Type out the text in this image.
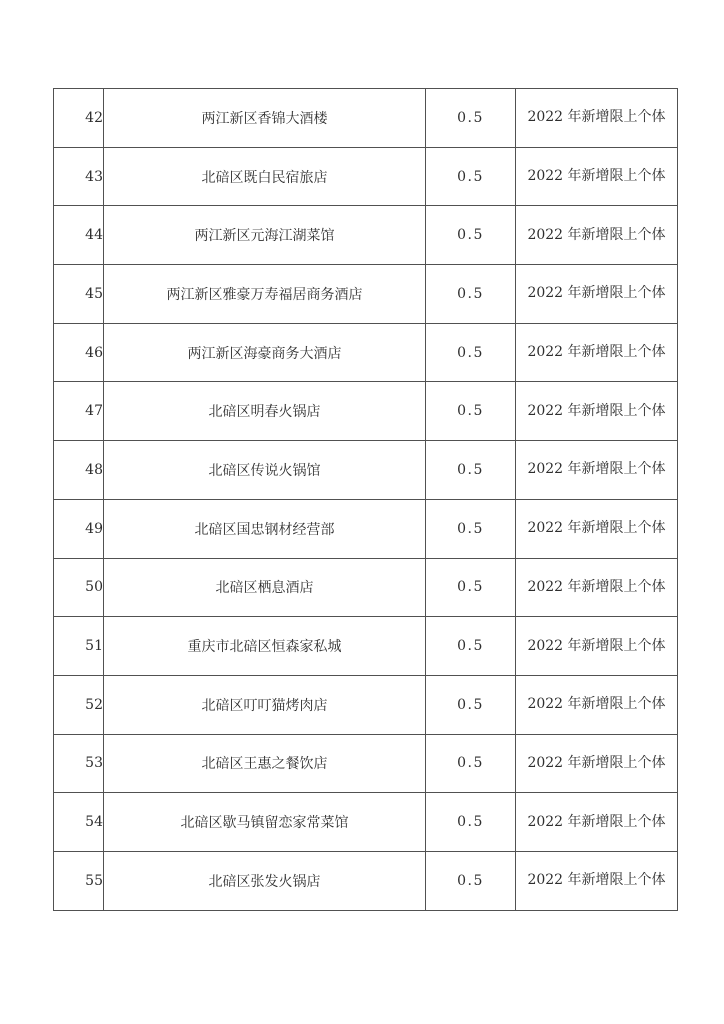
42	两江新区香锦大酒楼	0.5	2022 年新增限上个体
43	北碚区既白民宿旅店	0.5	2022 年新增限上个体
44	两江新区元海江湖菜馆	0.5	2022 年新增限上个体
45	两江新区雅豪万寿福居商务酒店	0.5	2022 年新增限上个体
46	两江新区海豪商务大酒店	0.5	2022 年新增限上个体
47	北碚区明春火锅店	0.5	2022 年新增限上个体
48	北碚区传说火锅馆	0.5	2022 年新增限上个体
49	北碚区国忠钢材经营部	0.5	2022 年新增限上个体
50	北碚区栖息酒店	0.5	2022 年新增限上个体
51	重庆市北碚区恒森家私城	0.5	2022 年新增限上个体
52	北碚区叮叮猫烤肉店	0.5	2022 年新增限上个体
53	北碚区王惠之餐饮店	0.5	2022 年新增限上个体
54	北碚区歇马镇留恋家常菜馆	0.5	2022 年新增限上个体
55	北碚区张发火锅店	0.5	2022 年新增限上个体
